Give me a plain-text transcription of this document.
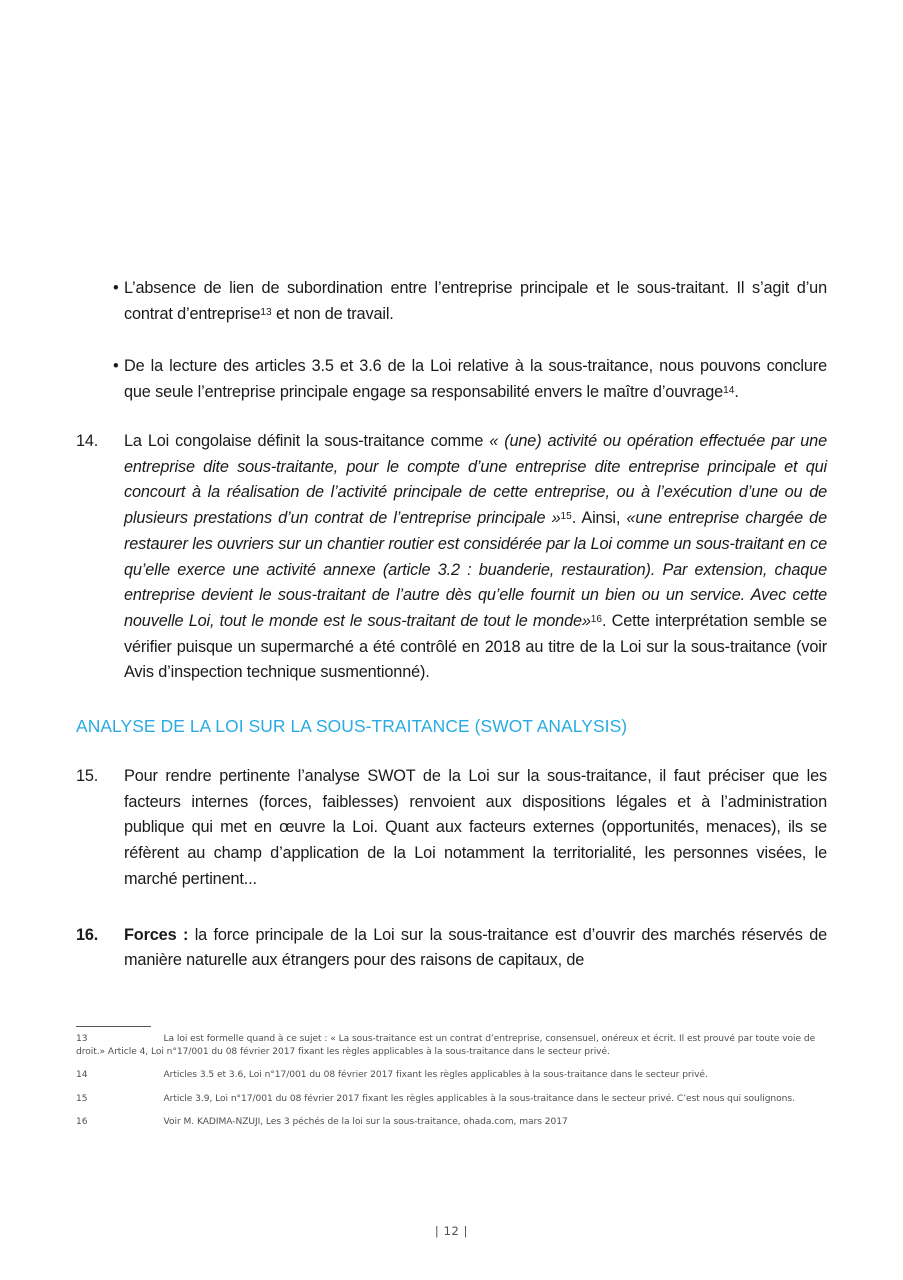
• L’absence de lien de subordination entre l’entreprise principale et le sous-traitant. Il s’agit d’un contrat d’entreprise$^{13}$ et non de travail.
• De la lecture des articles 3.5 et 3.6 de la Loi relative à la sous-traitance, nous pouvons conclure que seule l’entreprise principale engage sa responsabilité envers le maître d’ouvrage$^{14}$.
14.	La Loi congolaise définit la sous-traitance comme « (une) activité ou opération effectuée par une entreprise dite sous-traitante, pour le compte d’une entreprise dite entreprise principale et qui concourt à la réalisation de l’activité principale de cette entreprise, ou à l’exécution d’une ou de plusieurs prestations d’un contrat de l’entreprise principale »$^{15}$. Ainsi, «une entreprise chargée de restaurer les ouvriers sur un chantier routier est considérée par la Loi comme un sous-traitant en ce qu’elle exerce une activité annexe (article 3.2 : buanderie, restauration). Par extension, chaque entreprise devient le sous-traitant de l’autre dès qu’elle fournit un bien ou un service. Avec cette nouvelle Loi, tout le monde est le sous-traitant de tout le monde»$^{16}$. Cette interprétation semble se vérifier puisque un supermarché a été contrôlé en 2018 au titre de la Loi sur la sous-traitance (voir Avis d’inspection technique susmentionné).
ANALYSE DE LA LOI SUR LA SOUS-TRAITANCE (SWOT ANALYSIS)
15.	Pour rendre pertinente l’analyse SWOT de la Loi sur la sous-traitance, il faut préciser que les facteurs internes (forces, faiblesses) renvoient aux dispositions légales et à l’administration publique qui met en œuvre la Loi. Quant aux facteurs externes (opportunités, menaces), ils se réfèrent au champ d’application de la Loi notamment la territorialité, les personnes visées, le marché pertinent...
16.	Forces : la force principale de la Loi sur la sous-traitance est d’ouvrir des marchés réservés de manière naturelle aux étrangers pour des raisons de capitaux, de
13	La loi est formelle quand à ce sujet : « La sous-traitance est un contrat d’entreprise, consensuel, onéreux et écrit. Il est prouvé par toute voie de droit.» Article 4, Loi n°17/001 du 08 février 2017 fixant les règles applicables à la sous-traitance dans le secteur privé.
14	Articles 3.5 et 3.6, Loi n°17/001 du 08 février 2017 fixant les règles applicables à la sous-traitance dans le secteur privé.
15	Article 3.9, Loi n°17/001 du 08 février 2017 fixant les règles applicables à la sous-traitance dans le secteur privé. C’est nous qui soulignons.
16	Voir M. KADIMA-NZUJI, Les 3 péchés de la loi sur la sous-traitance, ohada.com, mars 2017
| 12 |
